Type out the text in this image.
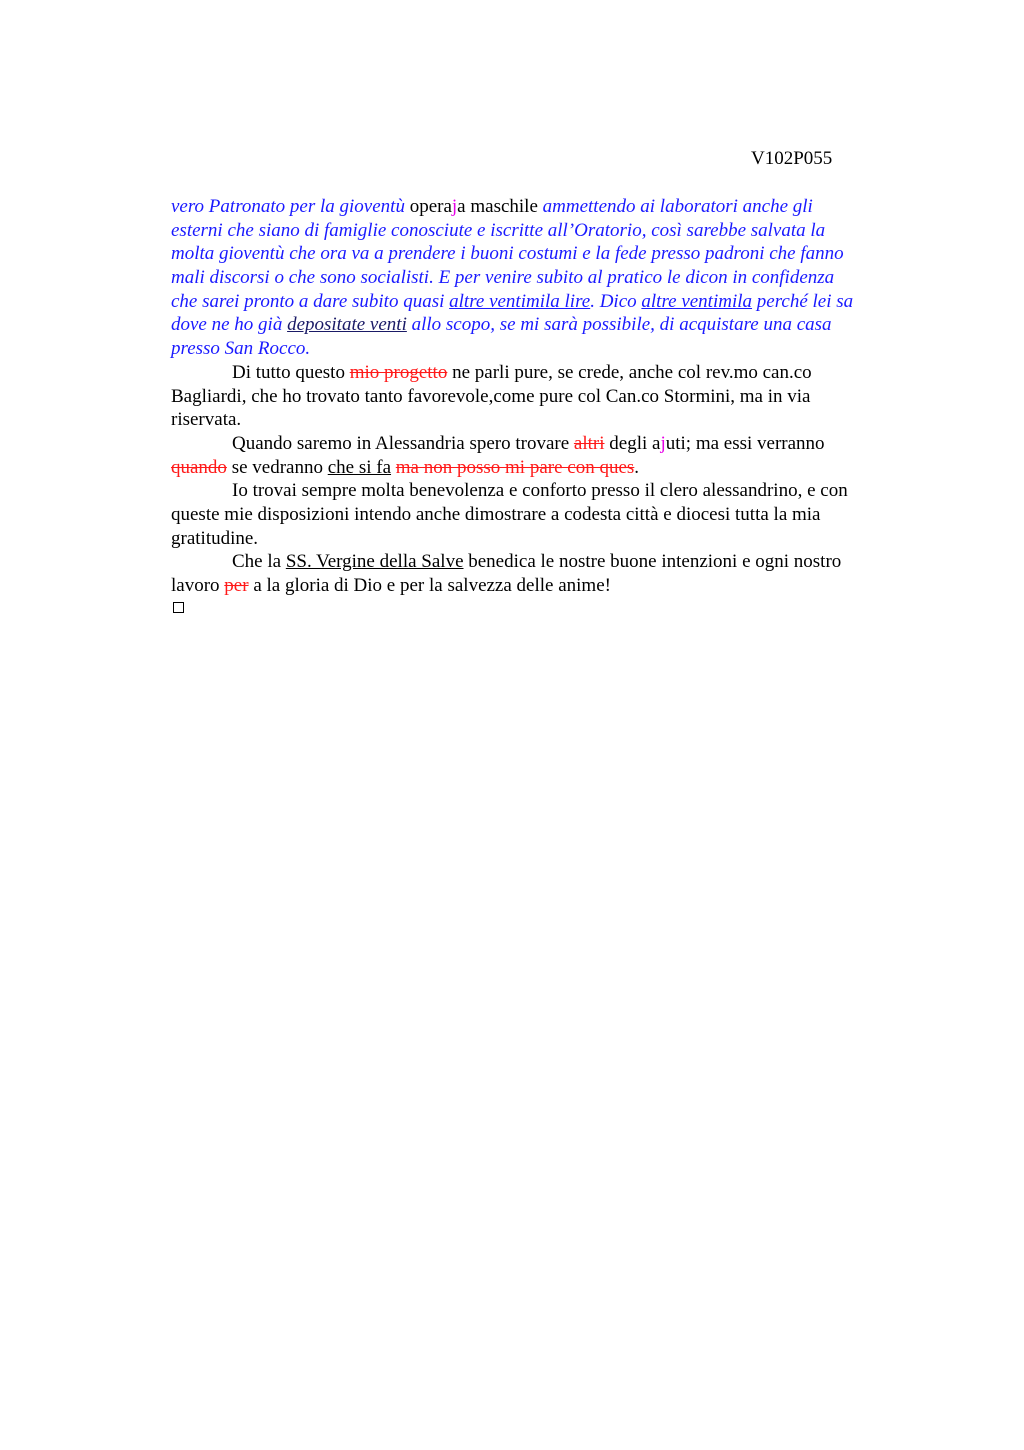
V102P055
vero Patronato per la gioventù operaja maschile ammettendo ai laboratori anche gli
esterni che siano di famiglie conosciute e iscritte all’Oratorio, così sarebbe salvata la
molta gioventù che ora va a prendere i buoni costumi e la fede presso padroni che fanno
mali discorsi o che sono socialisti. E per venire subito al pratico le dicon in confidenza
che sarei pronto a dare subito quasi altre ventimila lire. Dico altre ventimila perché lei sa
dove ne ho già depositate venti allo scopo, se mi sarà possibile, di acquistare una casa
presso San Rocco.
Di tutto questo mio progetto ne parli pure, se crede, anche col rev.mo can.co
Bagliardi, che ho trovato tanto favorevole,come pure col Can.co Stormini, ma in via
riservata.
Quando saremo in Alessandria spero trovare altri degli ajuti; ma essi verranno
quando se vedranno che si fa ma non posso mi pare con ques.
Io trovai sempre molta benevolenza e conforto presso il clero alessandrino, e con
queste mie disposizioni intendo anche dimostrare a codesta città e diocesi tutta la mia
gratitudine.
Che la SS. Vergine della Salve benedica le nostre buone intenzioni e ogni nostro
lavoro per a la gloria di Dio e per la salvezza delle anime!
